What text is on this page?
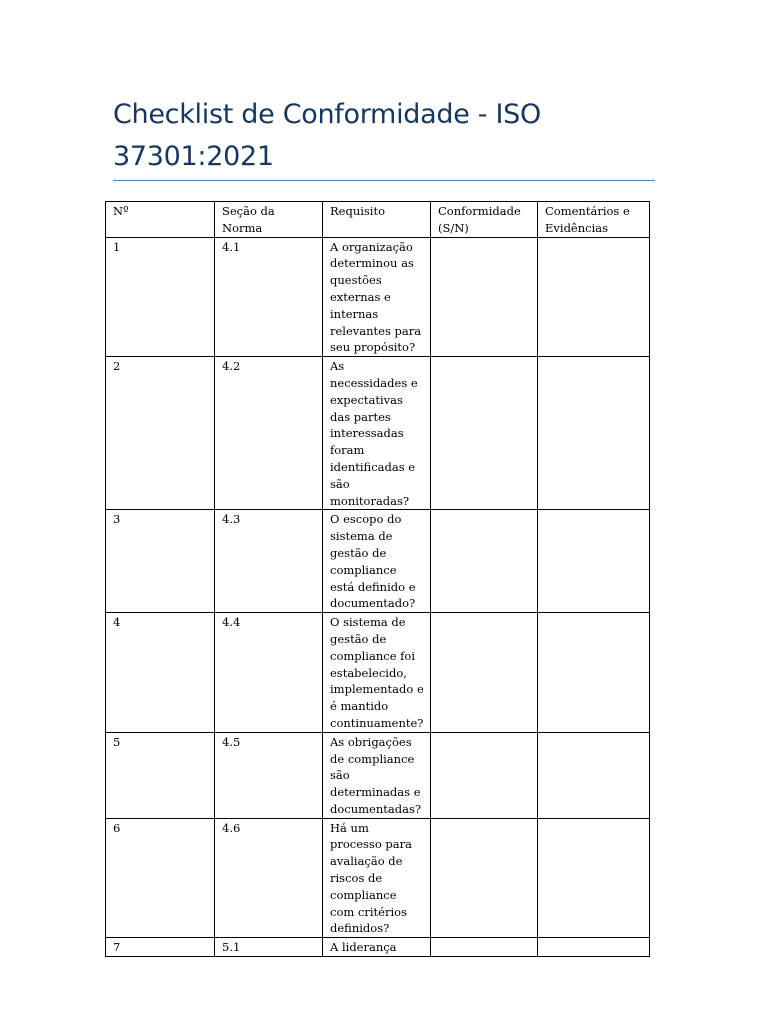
Checklist de Conformidade - ISO 37301:2021
Nº	Seção da Norma	Requisito	Conformidade (S/N)	Comentários e Evidências
1	4.1	A organização determinou as questões externas e internas relevantes para seu propósito?		
2	4.2	As necessidades e expectativas das partes interessadas foram identificadas e são monitoradas?		
3	4.3	O escopo do sistema de gestão de compliance está definido e documentado?		
4	4.4	O sistema de gestão de compliance foi estabelecido, implementado e é mantido continuamente?		
5	4.5	As obrigações de compliance são determinadas e documentadas?		
6	4.6	Há um processo para avaliação de riscos de compliance com critérios definidos?		
7	5.1	A liderança		
